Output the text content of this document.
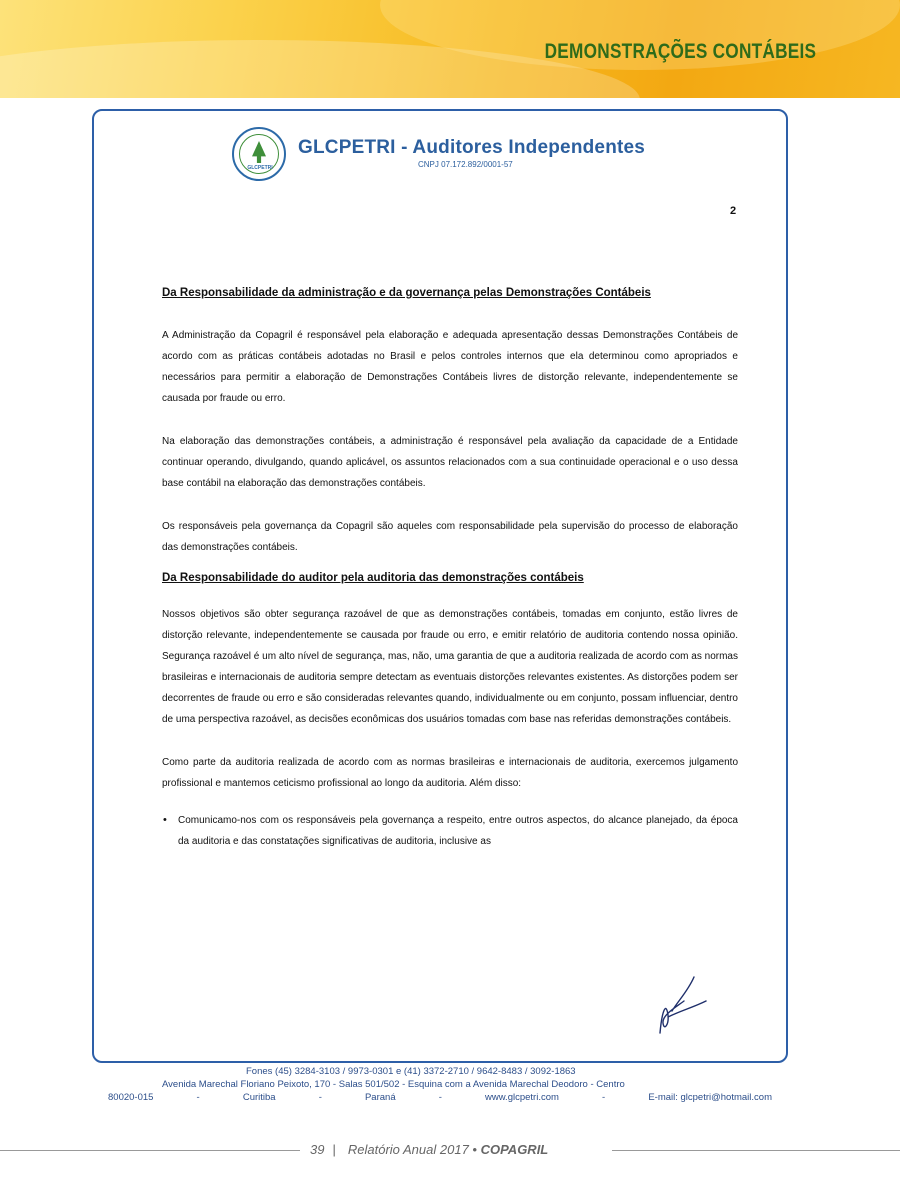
DEMONSTRAÇÕES CONTÁBEIS
GLCPETRI
GLCPETRI - Auditores Independentes
CNPJ 07.172.892/0001-57
2
Da Responsabilidade da administração e da governança pelas Demonstrações Contábeis

A Administração da Copagril é responsável pela elaboração e adequada apresentação dessas Demonstrações Contábeis de acordo com as práticas contábeis adotadas no Brasil e pelos controles internos que ela determinou como apropriados e necessários para permitir a elaboração de Demonstrações Contábeis livres de distorção relevante, independentemente se causada por fraude ou erro.

Na elaboração das demonstrações contábeis, a administração é responsável pela avaliação da capacidade de a Entidade continuar operando, divulgando, quando aplicável, os assuntos relacionados com a sua continuidade operacional e o uso dessa base contábil na elaboração das demonstrações contábeis.

Os responsáveis pela governança da Copagril são aqueles com responsabilidade pela supervisão do processo de elaboração das demonstrações contábeis.

Da Responsabilidade do auditor pela auditoria das demonstrações contábeis

Nossos objetivos são obter segurança razoável de que as demonstrações contábeis, tomadas em conjunto, estão livres de distorção relevante, independentemente se causada por fraude ou erro, e emitir relatório de auditoria contendo nossa opinião. Segurança razoável é um alto nível de segurança, mas, não, uma garantia de que a auditoria realizada de acordo com as normas brasileiras e internacionais de auditoria sempre detectam as eventuais distorções relevantes existentes. As distorções podem ser decorrentes de fraude ou erro e são consideradas relevantes quando, individualmente ou em conjunto, possam influenciar, dentro de uma perspectiva razoável, as decisões econômicas dos usuários tomadas com base nas referidas demonstrações contábeis.

Como parte da auditoria realizada de acordo com as normas brasileiras e internacionais de auditoria, exercemos julgamento profissional e mantemos ceticismo profissional ao longo da auditoria. Além disso:

• Comunicamo-nos com os responsáveis pela governança a respeito, entre outros aspectos, do alcance planejado, da época da auditoria e das constatações significativas de auditoria, inclusive as
Fones (45) 3284-3103 / 9973-0301 e (41) 3372-2710 / 9642-8483 / 3092-1863
Avenida Marechal Floriano Peixoto, 170 - Salas 501/502 - Esquina com a Avenida Marechal Deodoro - Centro
80020-015	-	Curitiba	-	Paraná	-	www.glcpetri.com	-	E-mail: glcpetri@hotmail.com
39 | Relatório Anual 2017 • COPAGRIL
